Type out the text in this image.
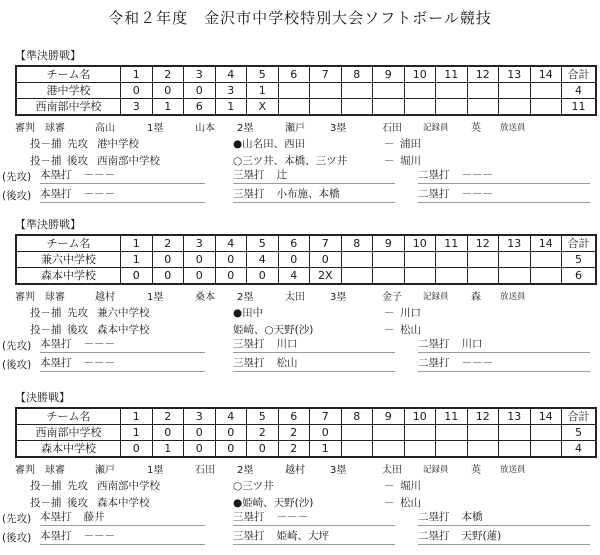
令和２年度　金沢市中学校特別大会ソフトボール競技
【準決勝戦】
チーム名	1	2	3	4	5	6	7	8	9	10	11	12	13	14	合計
港中学校	0	0	0	3	1										4
西南部中学校	3	1	6	1	X										11
審判 球審	高山	1塁	山本 2塁	瀬戸	3塁	石田 記録員 英 放送員
投－捕 先攻 港中学校	●山名田、西田	－ 浦田
投－捕 後攻 西南部中学校	○三ツ井、本橋、三ツ井	－ 堀川
(先攻) 本塁打 －－－	三塁打 辻	二塁打 －－－
(後攻) 本塁打 －－－	三塁打 小布施、本橋	二塁打 －－－
【準決勝戦】
チーム名	1	2	3	4	5	6	7	8	9	10	11	12	13	14	合計
兼六中学校	1	0	0	0	4	0	0								5
森本中学校	0	0	0	0	0	4	2X								6
審判 球審	越村	1塁	桑本 2塁	太田	3塁	金子 記録員 森 放送員
投－捕 先攻 兼六中学校	●田中	－ 川口
投－捕 後攻 森本中学校	姫崎、○天野(沙)	－ 松山
(先攻) 本塁打 －－－	三塁打 川口	二塁打 川口
(後攻) 本塁打 －－－	三塁打 松山	二塁打 －－－
【決勝戦】
チーム名	1	2	3	4	5	6	7	8	9	10	11	12	13	14	合計
西南部中学校	1	0	0	0	2	2	0								5
森本中学校	0	1	0	0	0	2	1								4
審判 球審	瀬戸	1塁	石田 2塁	越村	3塁	太田 記録員 英 放送員
投－捕 先攻 西南部中学校	○三ツ井	－ 堀川
投－捕 後攻 森本中学校	●姫崎、天野(沙)	－ 松山
(先攻) 本塁打 藤井	三塁打 －－－	二塁打 本橋
(後攻) 本塁打 －－－	三塁打 姫崎、大坪	二塁打 天野(蓮)
